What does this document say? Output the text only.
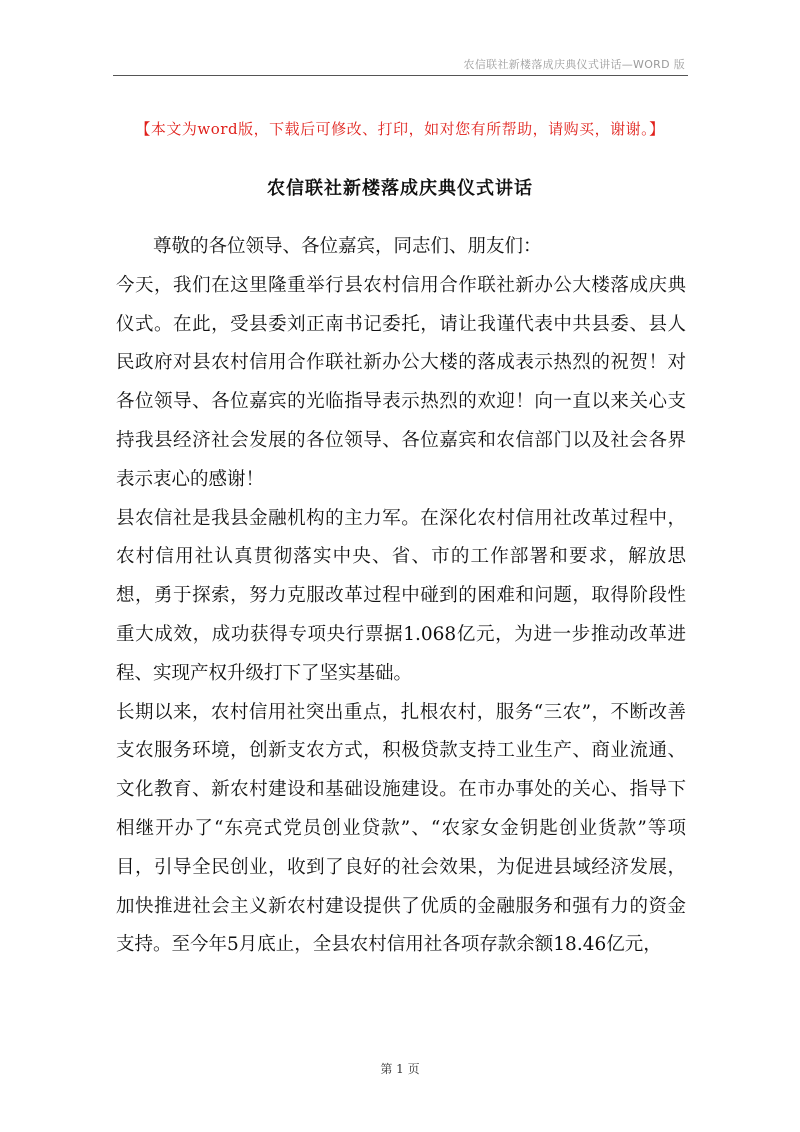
农信联社新楼落成庆典仪式讲话—WORD 版
【本文为word版，下载后可修改、打印，如对您有所帮助，请购买，谢谢。】
农信联社新楼落成庆典仪式讲话

尊敬的各位领导、各位嘉宾，同志们、朋友们：

今天，我们在这里隆重举行县农村信用合作联社新办公大楼落成庆典仪式。在此，受县委刘正南书记委托，请让我谨代表中共县委、县人民政府对县农村信用合作联社新办公大楼的落成表示热烈的祝贺！对各位领导、各位嘉宾的光临指导表示热烈的欢迎！向一直以来关心支持我县经济社会发展的各位领导、各位嘉宾和农信部门以及社会各界表示衷心的感谢！

县农信社是我县金融机构的主力军。在深化农村信用社改革过程中，农村信用社认真贯彻落实中央、省、市的工作部署和要求，解放思想，勇于探索，努力克服改革过程中碰到的困难和问题，取得阶段性重大成效，成功获得专项央行票据1.068亿元，为进一步推动改革进程、实现产权升级打下了坚实基础。

长期以来，农村信用社突出重点，扎根农村，服务“三农”，不断改善支农服务环境，创新支农方式，积极贷款支持工业生产、商业流通、文化教育、新农村建设和基础设施建设。在市办事处的关心、指导下相继开办了“东亮式党员创业贷款”、“农家女金钥匙创业货款”等项目，引导全民创业，收到了良好的社会效果，为促进县域经济发展，加快推进社会主义新农村建设提供了优质的金融服务和强有力的资金支持。至今年5月底止，全县农村信用社各项存款余额18.46亿元，

第 1 页
